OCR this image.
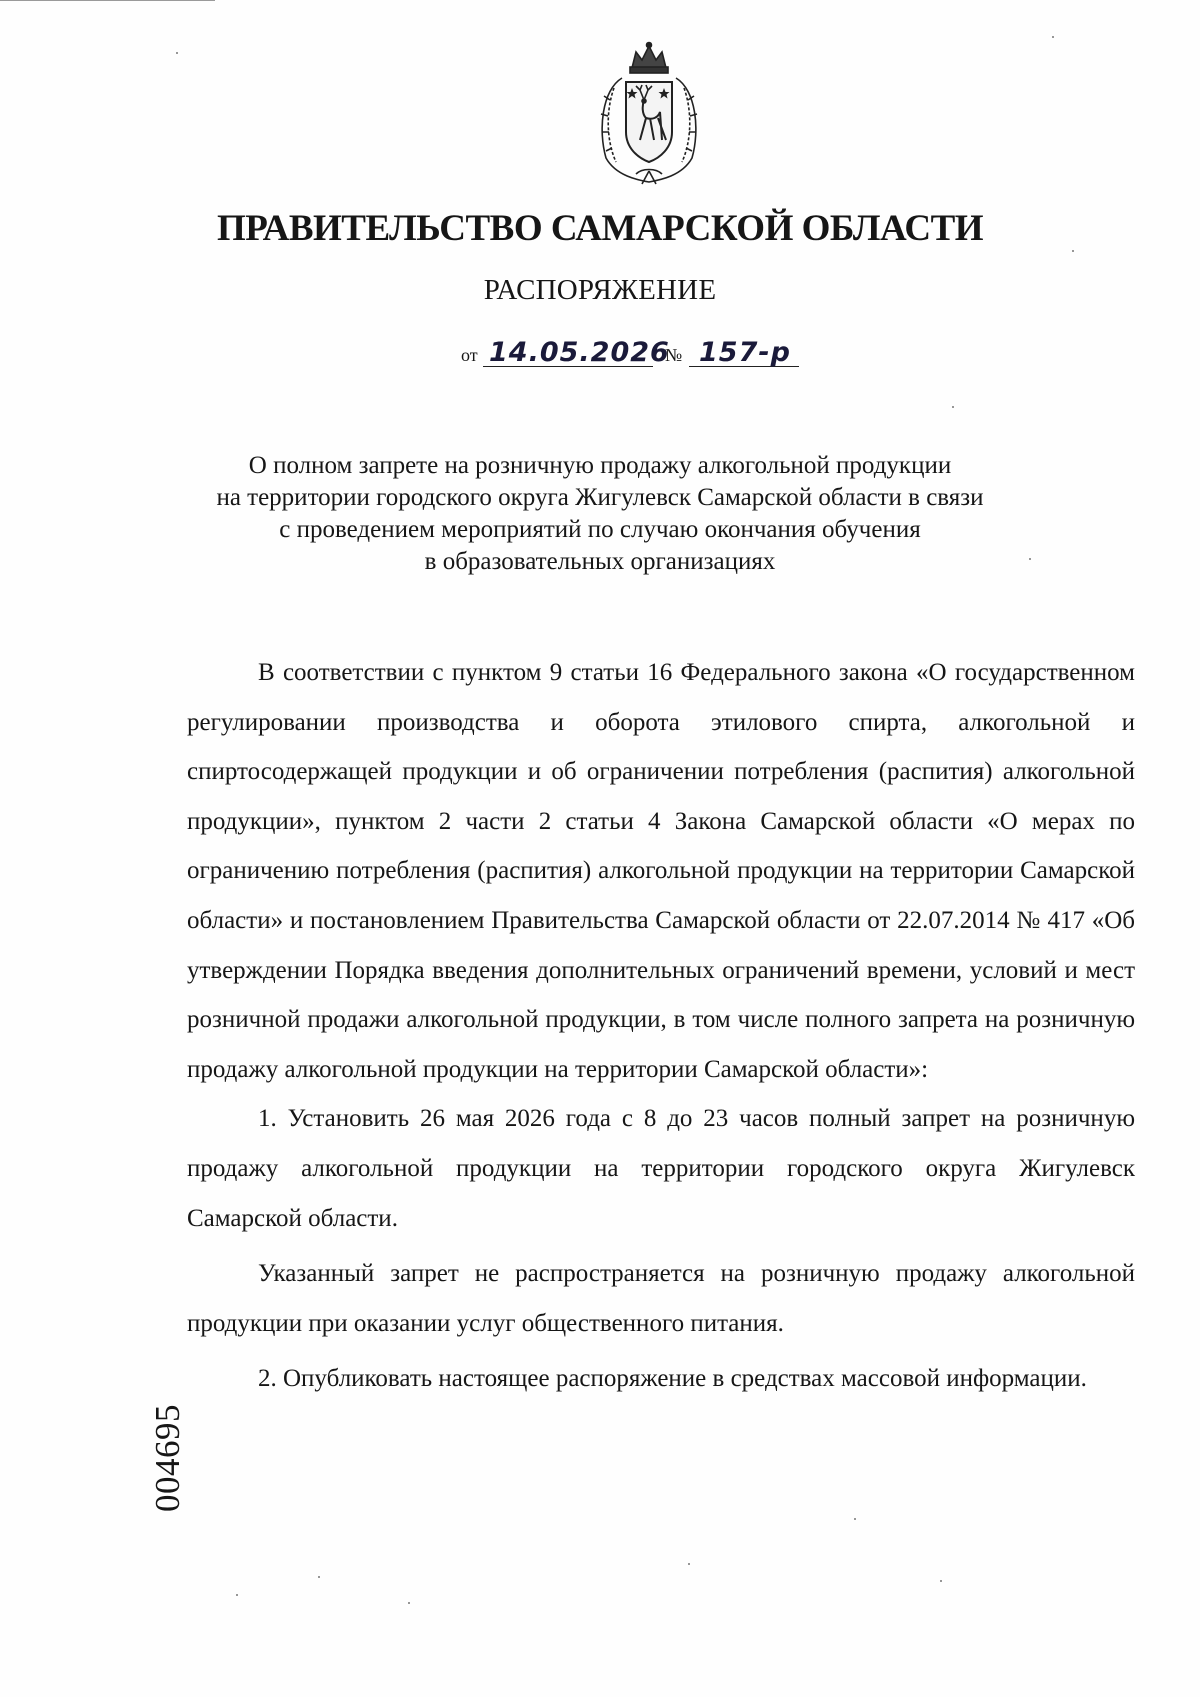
ПРАВИТЕЛЬСТВО САМАРСКОЙ ОБЛАСТИ
РАСПОРЯЖЕНИЕ
от 14.05.2026
№ 157-р
О полном запрете на розничную продажу алкогольной продукции
на территории городского округа Жигулевск Самарской области в связи
с проведением мероприятий по случаю окончания обучения
в образовательных организациях

В соответствии с пунктом 9 статьи 16 Федерального закона «О государственном регулировании производства и оборота этилового спирта, алкогольной и спиртосодержащей продукции и об ограничении потребления (распития) алкогольной продукции», пунктом 2 части 2 статьи 4 Закона Самарской области «О мерах по ограничению потребления (распития) алкогольной продукции на территории Самарской области» и постановлением Правительства Самарской области от 22.07.2014 № 417 «Об утверждении Порядка введения дополнительных ограничений времени, условий и мест розничной продажи алкогольной продукции, в том числе полного запрета на розничную продажу алкогольной продукции на территории Самарской области»:

1. Установить 26 мая 2026 года с 8 до 23 часов полный запрет на розничную продажу алкогольной продукции на территории городского округа Жигулевск Самарской области.

Указанный запрет не распространяется на розничную продажу алкогольной продукции при оказании услуг общественного питания.

2. Опубликовать настоящее распоряжение в средствах массовой информации.

004695
